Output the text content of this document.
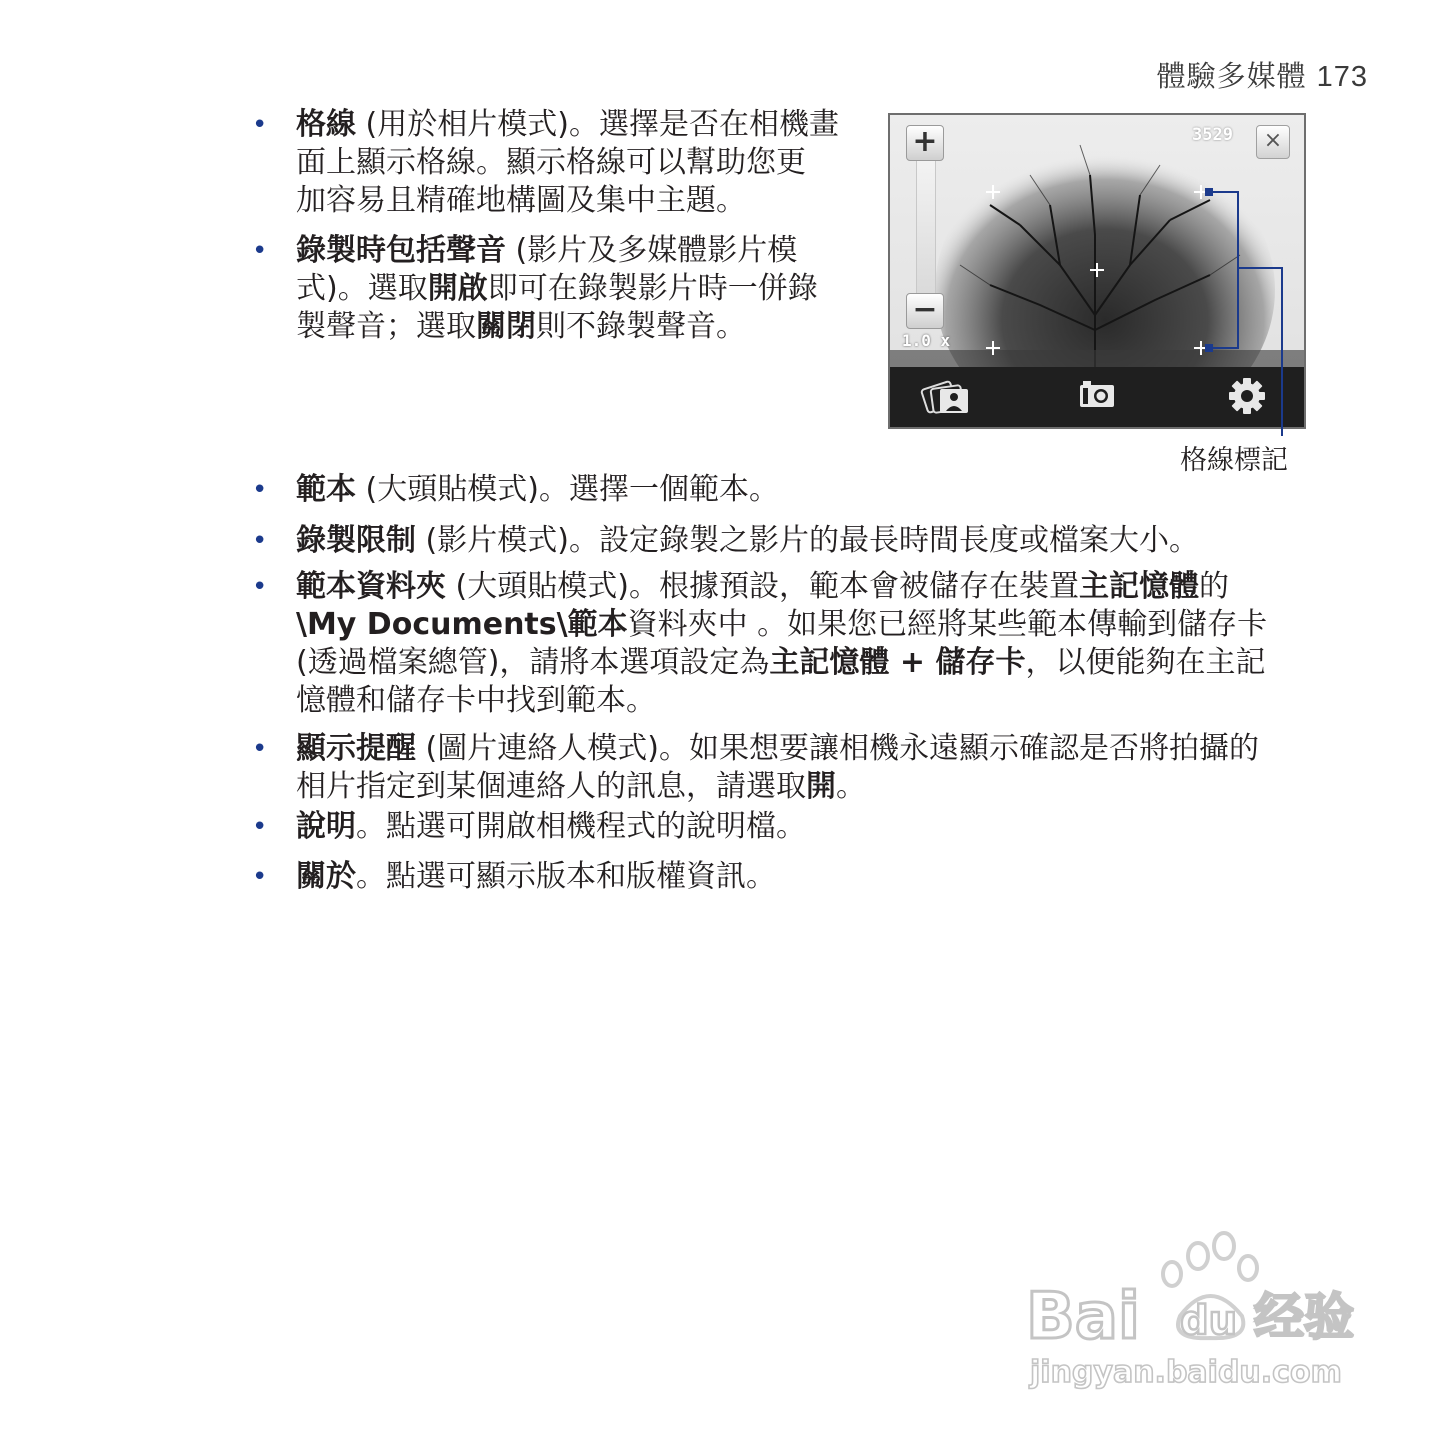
體驗多媒體 173
• 格線 (用於相片模式)。選擇是否在相機畫
面上顯示格線。顯示格線可以幫助您更
加容易且精確地構圖及集中主題。
• 錄製時包括聲音 (影片及多媒體影片模
式)。選取開啟即可在錄製影片時一併錄
製聲音；選取關閉則不錄製聲音。
• 範本 (大頭貼模式)。選擇一個範本。
• 錄製限制 (影片模式)。設定錄製之影片的最長時間長度或檔案大小。
• 範本資料夾 (大頭貼模式)。根據預設，範本會被儲存在裝置主記憶體的
\My Documents\範本資料夾中 。如果您已經將某些範本傳輸到儲存卡
(透過檔案總管)，請將本選項設定為主記憶體 + 儲存卡，以便能夠在主記
憶體和儲存卡中找到範本。
• 顯示提醒 (圖片連絡人模式)。如果想要讓相機永遠顯示確認是否將拍攝的
相片指定到某個連絡人的訊息，請選取開。
• 說明。點選可開啟相機程式的說明檔。
• 關於。點選可顯示版本和版權資訊。
+
−
1.0 x
3529	×
格線標記
Bai du 经验
jingyan.baidu.com
